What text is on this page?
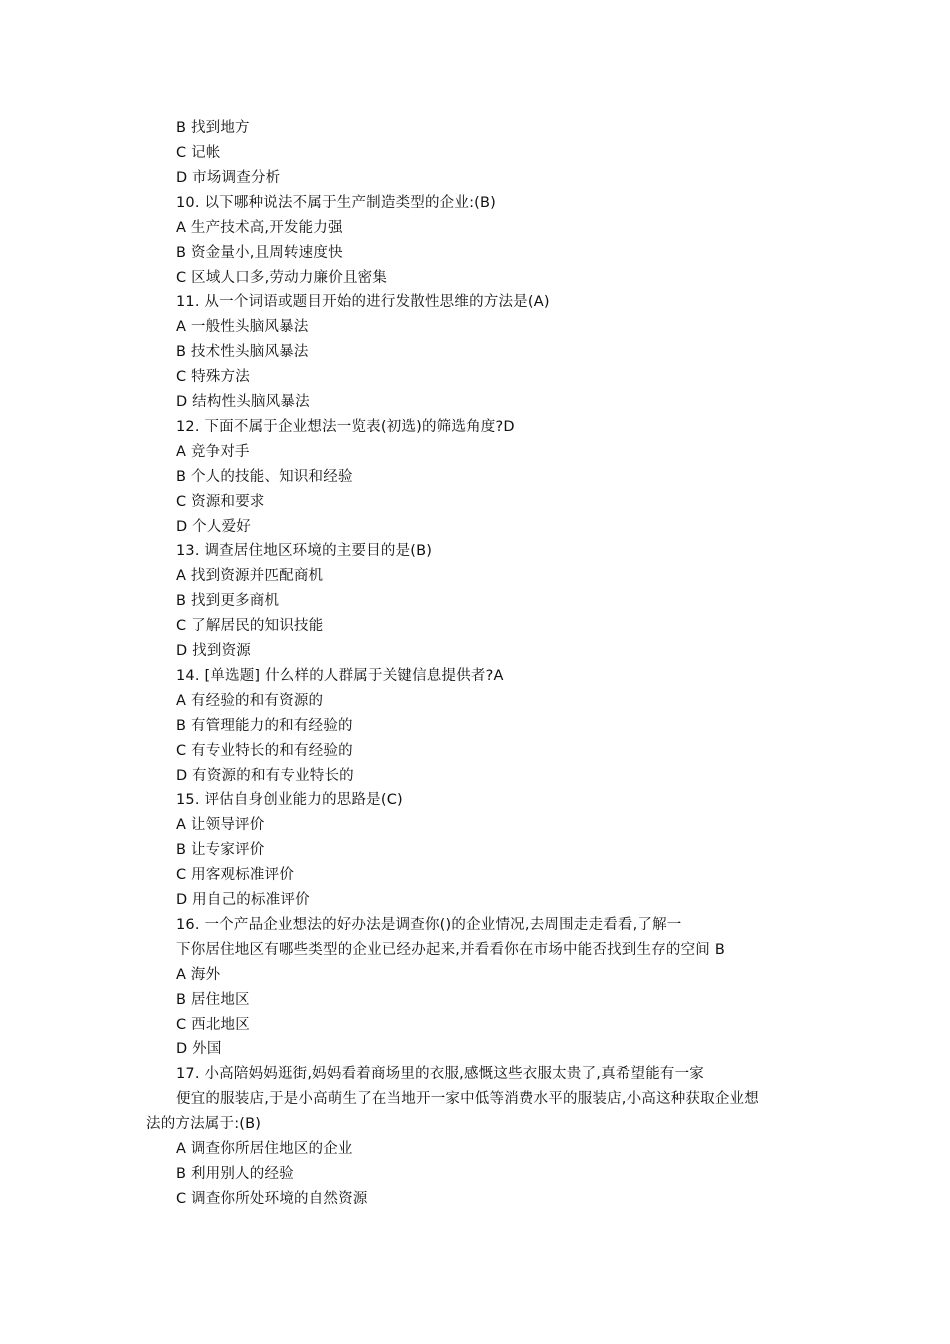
B 找到地方
C 记帐
D 市场调查分析
10. 以下哪种说法不属于生产制造类型的企业:(B)
A 生产技术高,开发能力强
B 资金量小,且周转速度快
C 区域人口多,劳动力廉价且密集
11. 从一个词语或题目开始的进行发散性思维的方法是(A)
A 一般性头脑风暴法
B 技术性头脑风暴法
C 特殊方法
D 结构性头脑风暴法
12. 下面不属于企业想法一览表(初选)的筛选角度?D
A 竞争对手
B 个人的技能、知识和经验
C 资源和要求
D 个人爱好
13. 调查居住地区环境的主要目的是(B)
A 找到资源并匹配商机
B 找到更多商机
C 了解居民的知识技能
D 找到资源
14. [单选题] 什么样的人群属于关键信息提供者?A
A 有经验的和有资源的
B 有管理能力的和有经验的
C 有专业特长的和有经验的
D 有资源的和有专业特长的
15. 评估自身创业能力的思路是(C)
A 让领导评价
B 让专家评价
C 用客观标准评价
D 用自己的标准评价
16. 一个产品企业想法的好办法是调查你()的企业情况,去周围走走看看,了解一
下你居住地区有哪些类型的企业已经办起来,并看看你在市场中能否找到生存的空间 B
A 海外
B 居住地区
C 西北地区
D 外国
17. 小高陪妈妈逛街,妈妈看着商场里的衣服,感慨这些衣服太贵了,真希望能有一家
便宜的服装店,于是小高萌生了在当地开一家中低等消费水平的服装店,小高这种获取企业想
法的方法属于:(B)
A 调查你所居住地区的企业
B 利用别人的经验
C 调查你所处环境的自然资源
